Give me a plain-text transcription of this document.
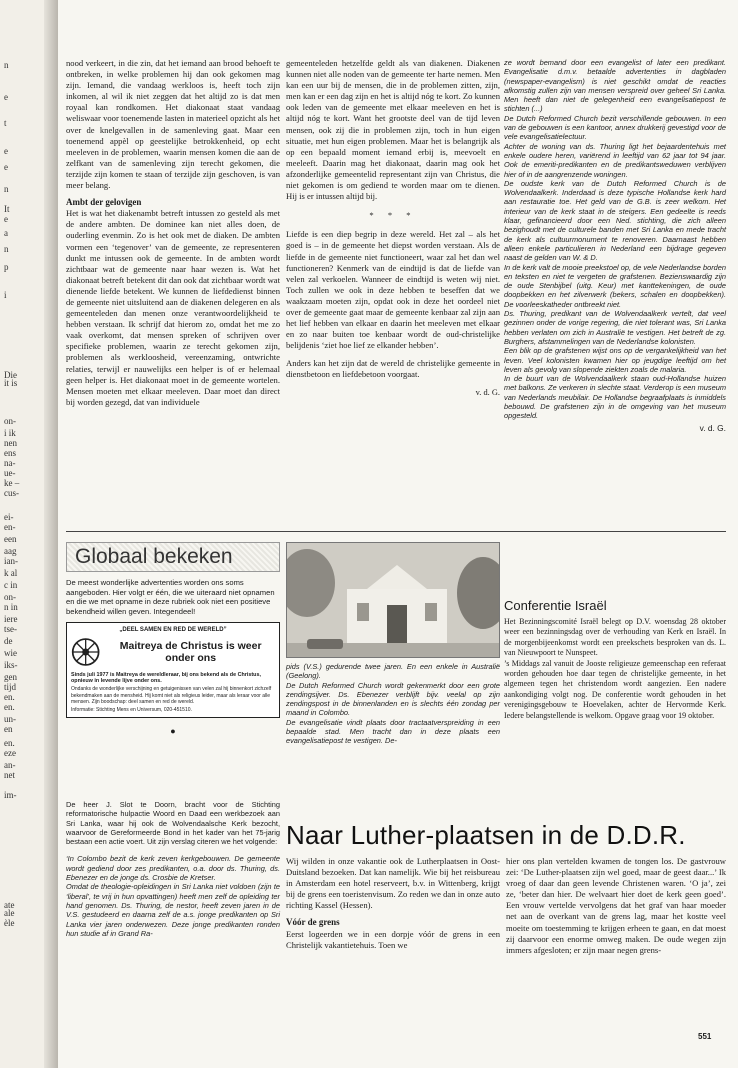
n
e
t
e
e
n
It
e
a
n
p
i
Die
it is
on-
i ik
nen
ens
na-
ue-
ke –
cus-
ei-
en-
een
aag
ian-
k al
c in
on-
n in
iere
tse-
de
wie
iks-
gen
tijd
en.
en.
un-
en
en.
eze
an-
net
im-
ate
ale
èle

nood verkeert, in die zin, dat het iemand aan brood behoeft te ontbreken, in welke problemen hij dan ook gekomen mag zijn. Iemand, die vandaag werkloos is, heeft toch zijn inkomen, al wil ik niet zeggen dat het altijd zo is dat men royaal kan rondkomen. Het diakonaat staat vandaag weliswaar voor toenemende lasten in materieel opzicht als het over de knelgevallen in de samenleving gaat. Maar een toenemend appèl op geestelijke betrokkenheid, op echt meeleven in de problemen, waarin mensen komen die aan de zelfkant van de samenleving zijn terecht gekomen, die terzijde zijn komen te staan of terzijde zijn geschoven, is van meer belang.

Ambt der gelovigen

Het is wat het diakenambt betreft intussen zo gesteld als met de andere ambten. De dominee kan niet alles doen, de ouderling evenmin. Zo is het ook met de diaken. De ambten vormen een ‘tegenover’ van de gemeente, ze representeren dunkt me intussen ook de gemeente. In de ambten wordt zichtbaar wat de gemeente naar haar wezen is. Wat het diakonaat betreft betekent dit dan ook dat zichtbaar wordt wat dienende liefde betekent. We kunnen de liefdedienst binnen de gemeente niet uitsluitend aan de diakenen delegeren en als gemeenteleden dan menen onze verantwoordelijkheid te hebben verstaan. Ik schrijf dat hierom zo, omdat het me zo vaak overkomt, dat mensen spreken of schrijven over specifieke problemen, waarin ze terecht gekomen zijn, problemen als werkloosheid, vereenzaming, ontwrichte relaties, terwijl er nauwelijks een helper is of er helemaal geen helper is. Het diakonaat moet in de gemeente wortelen. Mensen moeten met elkaar meeleven. Daar moet dan direct bij worden gezegd, dat van individuele

gemeenteleden hetzelfde geldt als van diakenen. Diakenen kunnen niet alle noden van de gemeente ter harte nemen. Men kan een uur bij de mensen, die in de problemen zitten, zijn, men kan er een dag zijn en het is altijd nóg te kort. Zo kunnen ook leden van de gemeente met elkaar meeleven en het is altijd nóg te kort. Want het grootste deel van de tijd leven mensen, ook zij die in problemen zijn, toch in hun eigen situatie, met hun eigen problemen. Maar het is belangrijk als op een bepaald moment iemand erbij is, meevoelt en meeleeft. Daarin mag het diakonaat, daarin mag ook het afzonderlijke gemeentelid representant zijn van Christus, die niet gekomen is om gediend te worden maar om te dienen. Hij is er intussen altijd bij.

* * *

Liefde is een diep begrip in deze wereld. Het zal – als het goed is – in de gemeente het diepst worden verstaan. Als de liefde in de gemeente niet functioneert, waar zal het dan wel functioneren? Kenmerk van de eindtijd is dat de liefde van velen zal verkoelen. Wanneer de eindtijd is weten wij niet. Toch zullen we ook in deze hebben te beseffen dat we waakzaam moeten zijn, opdat ook in deze het oordeel niet over de gemeente gaat maar de gemeente kenbaar zal zijn aan het lief hebben van elkaar en daarin het meeleven met elkaar en zo naar buiten toe kenbaar wordt de oud-christelijke belijdenis ‘ziet hoe lief ze elkander hebben’.

Anders kan het zijn dat de wereld de christelijke gemeente in dienstbetoon en liefdebetoon voorgaat.

v. d. G.

ze wordt bemand door een evangelist of later een predikant. Evangelisatie d.m.v. betaalde advertenties in dagbladen (newspaper-evangelism) is niet geschikt omdat de reacties afkomstig zullen zijn van mensen verspreid over geheel Sri Lanka. Men heeft dan niet de gelegenheid een evangelisatiepost te stichten (...)

De Dutch Reformed Church bezit verschillende gebouwen. In een van de gebouwen is een kantoor, annex drukkerij gevestigd voor de vele evangelisatielectuur.

Achter de woning van ds. Thuring ligt het bejaardentehuis met enkele oudere heren, variërend in leeftijd van 62 jaar tot 94 jaar. Ook de emeriti-predikanten en de predikantsweduwen verblijven hier of in de aangrenzende woningen.

De oudste kerk van de Dutch Reformed Church is de Wolvendaalkerk. Inderdaad is deze typische Hollandse kerk hard aan restauratie toe. Het geld van de G.B. is zeer welkom. Het interieur van de kerk staat in de steigers. Een gedeelte is reeds klaar, gefinancieerd door een Ned. stichting, die zich alleen bezighoudt met de culturele banden met Sri Lanka en mede tracht de kerk als cultuurmonument te renoveren. Daarnaast hebben alleen enkele particulieren in Nederland een bijdrage gegeven naast de gelden van W. & D.

In de kerk valt de mooie preekstoel op, de vele Nederlandse borden en teksten en niet te vergeten de grafstenen. Bezienswaardig zijn de oude Stenbijbel (uitg. Keur) met kanttekeningen, de oude doopbekken en het zilverwerk (bekers, schalen en doopbekken). De voorleeskatheder ontbreekt niet.

Ds. Thuring, predikant van de Wolvendaalkerk vertelt, dat veel gezinnen onder de vorige regering, die niet tolerant was, Sri Lanka hebben verlaten om zich in Australië te vestigen. Het betreft de zg. Burghers, afstammelingen van de Nederlandse kolonisten.

Een blik op de grafstenen wijst ons op de vergankelijkheid van het leven. Veel kolonisten kwamen hier op jeugdige leeftijd om het leven als gevolg van slopende ziekten zoals de malaria.

In de buurt van de Wolvendaalkerk staan oud-Hollandse huizen met balkons. Ze verkeren in slechte staat. Verderop is een museum van Nederlands meubilair. De Hollandse begraafplaats is inmiddels bebouwd. De grafstenen zijn in de omgeving van het museum opgesteld.

v. d. G.

Globaal bekeken

De meest wonderlijke advertenties worden ons soms aangeboden. Hier volgt er één, die we uiteraard niet opnamen en die we met opname in deze rubriek ook niet een positieve bekendheid willen geven. Integendeel!

„DEEL SAMEN EN RED DE WERELD”
Maitreya de Christus is weer onder ons

Sinds juli 1977 is Maitreya de wereldleraar, bij ons bekend als de Christus, opnieuw in levende lijve onder ons.

Ondanks de wonderlijke verschijning en getuigenissen van velen zal hij binnenkort zichzelf bekendmaken aan de mensheid. Hij komt niet als religieus leider, maar als leraar voor alle mensen. Zijn boodschap: deel samen en red de wereld.

Informatie: Stichting Mens en Universum, 020-451510.

●

pids (V.S.) gedurende twee jaren. En een enkele in Australië (Geelong).

De Dutch Reformed Church wordt gekenmerkt door een grote zendingsijver. Ds. Ebenezer verblijft bijv. veelal op zijn zendingspost in de binnenlanden en is slechts één zondag per maand in Colombo.

De evangelisatie vindt plaats door tractaatverspreiding in een bepaalde stad. Men tracht dan in deze plaats een evangelisatiepost te vestigen. De-

Conferentie Israël

Het Bezinningscomité Israël belegt op D.V. woensdag 28 oktober weer een bezinningsdag over de verhouding van Kerk en Israël. In de morgenbijeenkomst wordt een preekschets besproken van ds. L. van Nieuwpoort te Nunspeet.

’s Middags zal vanuit de Jooste religieuze gemeenschap een referaat worden gehouden hoe daar tegen de christelijke gemeente, in het algemeen tegen het christendom wordt aangezien. Een nadere aankondiging volgt nog. De conferentie wordt gehouden in het verenigingsgebouw te Hoevelaken, achter de Hervormde Kerk. Iedere belangstellende is welkom. Opgave graag voor 19 oktober.

De heer J. Slot te Doorn, bracht voor de Stichting reformatorische hulpactie Woord en Daad een werkbezoek aan Sri Lanka, waar hij ook de Wolvendaalsche Kerk bezocht, waarvoor de Gereformeerde Bond in het kader van het 75-jarig bestaan een actie voert. Uit zijn verslag citeren we het volgende:

‘In Colombo bezit de kerk zeven kerkgebouwen. De gemeente wordt gediend door zes predikanten, o.a. door ds. Thuring, ds. Ebenezer en de jonge ds. Crosbie de Kretser.

Omdat de theologie-opleidingen in Sri Lanka niet voldoen (zijn te ‘liberal’, te vrij in hun opvattingen) heeft men zelf de opleiding ter hand genomen. Ds. Thuring, de nestor, heeft zeven jaren in de V.S. gestudeerd en daarna zelf de a.s. jonge predikanten op Sri Lanka vier jaren onderwezen. Deze jonge predikanten ronden hun studie af in Grand Ra-

Naar Luther-plaatsen in de D.D.R.

Wij wilden in onze vakantie ook de Lutherplaatsen in Oost-Duitsland bezoeken. Dat kan namelijk. Wie bij het reisbureau in Amsterdam een hotel reserveert, b.v. in Wittenberg, krijgt bij de grens een toeristenvisum. Zo reden we dan in onze auto richting Kassel (Hessen).

Vóór de grens

Eerst logeerden we in een dorpje vóór de grens in een Christelijk vakantietehuis. Toen we

hier ons plan vertelden kwamen de tongen los. De gastvrouw zei: ‘De Luther-plaatsen zijn wel goed, maar de geest daar...’ Ik vroeg of daar dan geen levende Christenen waren. ‘O ja’, zei ze, ‘beter dan hier. De welvaart hier doet de kerk geen goed’. Een vrouw vertelde vervolgens dat het graf van haar moeder net aan de overkant van de grens lag, maar het kostte veel moeite om toestemming te krijgen erheen te gaan, en dat moest zij daarvoor een enorme omweg maken. De oude wegen zijn immers afgesloten; er zijn maar negen grens-

551
